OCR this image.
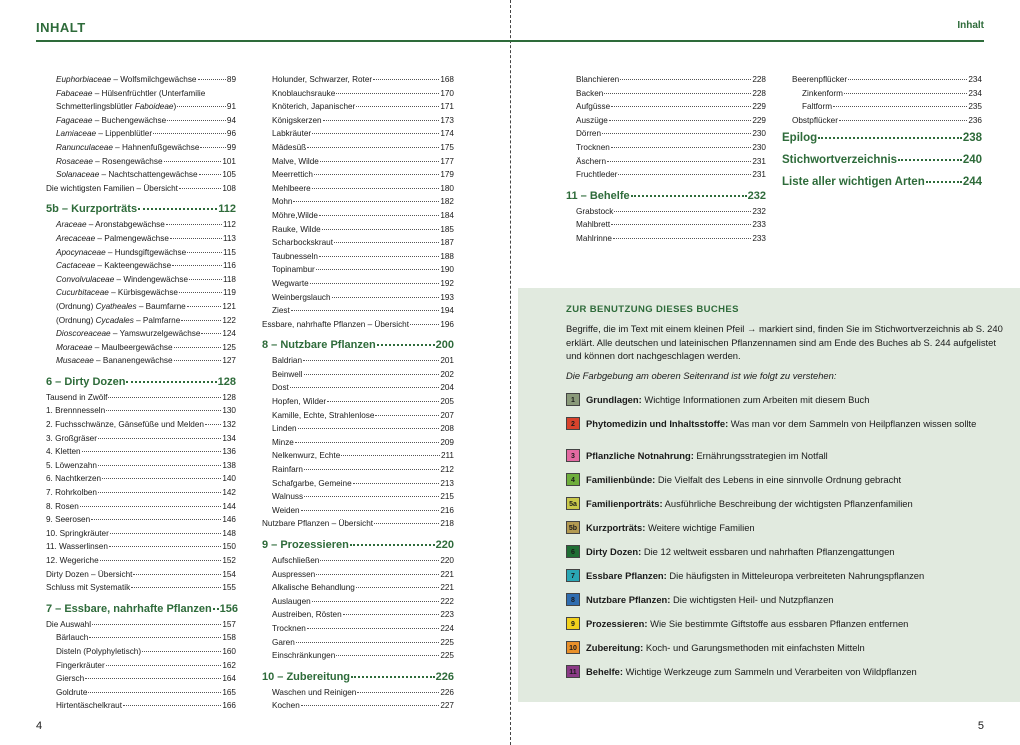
INHALT
Euphorbiaceae – Wolfsmilchgewächse	89
Fabaceae – Hülsenfrüchtler (Unterfamilie
Schmetterlingsblütler Faboideae)	91
Fagaceae – Buchengewächse	94
Lamiaceae – Lippenblütler	96
Ranunculaceae – Hahnenfußgewächse	99
Rosaceae – Rosengewächse	101
Solanaceae – Nachtschattengewächse	105
Die wichtigsten Familien – Übersicht	108
5b – Kurzporträts	112
Araceae – Aronstabgewächse	112
Arecaceae – Palmengewächse	113
Apocynaceae – Hundsgiftgewächse	115
Cactaceae – Kakteengewächse	116
Convolvulaceae – Windengewächse	118
Cucurbitaceae – Kürbisgewächse	119
(Ordnung) Cyatheales – Baumfarne	121
(Ordnung) Cycadales – Palmfarne	122
Dioscoreaceae – Yamswurzelgewächse	124
Moraceae – Maulbeergewächse	125
Musaceae – Bananengewächse	127
6 – Dirty Dozen	128
Tausend in Zwölf	128
1. Brennnesseln	130
2. Fuchsschwänze, Gänsefüße und Melden 132
3. Großgräser	134
4. Kletten	136
5. Löwenzahn	138
6. Nachtkerzen	140
7. Rohrkolben	142
8. Rosen	144
9. Seerosen	146
10. Springkräuter	148
11. Wasserlinsen	150
12. Wegeriche	152
Dirty Dozen – Übersicht	154
Schluss mit Systematik	155
7 – Essbare, nahrhafte Pflanzen 156
Die Auswahl	157
Bärlauch	158
Disteln (Polyphyletisch)	160
Fingerkräuter	162
Giersch	164
Goldrute	165
Hirtentäschelkraut	166
Holunder, Schwarzer, Roter	168
Knoblauchsrauke	170
Knöterich, Japanischer	171
Königskerzen	173
Labkräuter	174
Mädesüß	175
Malve, Wilde	177
Meerrettich	179
Mehlbeere	180
Mohn	182
Möhre,Wilde	184
Rauke, Wilde	185
Scharbockskraut	187
Taubnesseln	188
Topinambur	190
Wegwarte	192
Weinbergslauch	193
Ziest	194
Essbare, nahrhafte Pflanzen – Übersicht	196
8 – Nutzbare Pflanzen	200
Baldrian	201
Beinwell	202
Dost	204
Hopfen, Wilder	205
Kamille, Echte, Strahlenlose	207
Linden	208
Minze	209
Nelkenwurz, Echte	211
Rainfarn	212
Schafgarbe, Gemeine	213
Walnuss	215
Weiden	216
Nutzbare Pflanzen – Übersicht	218
9 – Prozessieren	220
Aufschließen	220
Auspressen	221
Alkalische Behandlung	221
Auslaugen	222
Austreiben, Rösten	223
Trocknen	224
Garen	225
Einschränkungen	225
10 – Zubereitung	226
Waschen und Reinigen	226
Kochen	227
4
Inhalt
Blanchieren	228
Backen	228
Aufgüsse	229
Auszüge	229
Dörren	230
Trocknen	230
Äschern	231
Fruchtleder	231
11 – Behelfe	232
Grabstock	232
Mahlbrett	233
Mahlrinne	233
Beerenpflücker	234
Zinkenform	234
Faltform	235
Obstpflücker	236
Epilog	238
Stichwortverzeichnis	240
Liste aller wichtigen Arten	244
ZUR BENUTZUNG DIESES BUCHES
Begriffe, die im Text mit einem kleinen Pfeil → markiert sind, finden Sie im Stichwortverzeichnis ab S. 240 erklärt. Alle deutschen und lateinischen Pflanzennamen sind am Ende des Buches ab S. 244 aufgelistet und können dort nachgeschlagen werden.
Die Farbgebung am oberen Seitenrand ist wie folgt zu verstehen:
1	Grundlagen: Wichtige Informationen zum Arbeiten mit diesem Buch
2	Phytomedizin und Inhaltsstoffe: Was man vor dem Sammeln von Heilpflanzen wissen sollte
3	Pflanzliche Notnahrung: Ernährungsstrategien im Notfall
4	Familienbünde: Die Vielfalt des Lebens in eine sinnvolle Ordnung gebracht
5a Familienporträts: Ausführliche Beschreibung der wichtigsten Pflanzenfamilien
5b Kurzporträts: Weitere wichtige Familien
6	Dirty Dozen: Die 12 weltweit essbaren und nahrhaften Pflanzengattungen
7	Essbare Pflanzen: Die häufigsten in Mitteleuropa verbreiteten Nahrungspflanzen
8	Nutzbare Pflanzen: Die wichtigsten Heil- und Nutzpflanzen
9	Prozessieren: Wie Sie bestimmte Giftstoffe aus essbaren Pflanzen entfernen
10 Zubereitung: Koch- und Garungsmethoden mit einfachsten Mitteln
11 Behelfe: Wichtige Werkzeuge zum Sammeln und Verarbeiten von Wildpflanzen
5
